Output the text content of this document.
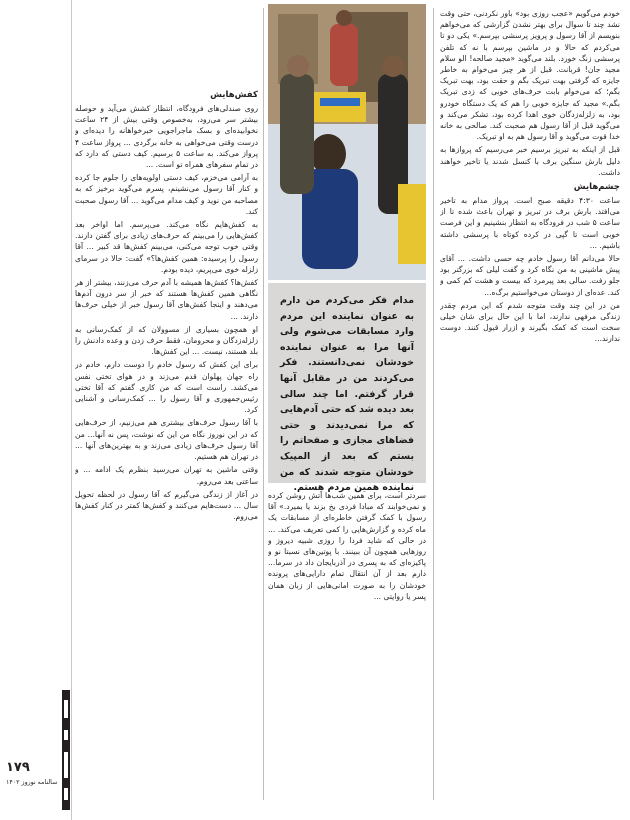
خودم می‌گویم «عجب روزی بود» باور نکردنی، حتی وقت نشد چند تا سوال برای بهتر نشدن گزارشی که می‌خواهم بنویسم از آقا رسول و پرویز پرسشی بپرسم.» یکی دو تا می‌کردم که حالا و در ماشین بپرسم با نه که تلفن پرسشی زنگ خورد. بلند می‌گوید «مجید صالحه! الو سلام مجید جان! قربانت. قبل از هر چیز می‌خوام به خاطر جایزه که گرفتی بهت تبریک بگم و حقت بود، بهت تبریک بگم؛ که می‌خوام بابت حرف‌های خوبی که زدی تبریک بگم.» مجید که جایزه خوبی را هم که یک دستگاه خودرو بود، به زلزله‌زدگان خوی اهدا کرده بود، تشکر می‌کند و می‌گوید قبل از آقا رسول هم صحبت کند. صالحی به خانه خدا قوت می‌گوید و آقا رسول هم به او تبریک.

قبل از اینکه به تبریز برسیم خبر می‌رسیم که پروازها به دلیل بارش سنگین برف با کنسل شدند یا تاخیر خواهند داشت.

چشم‌هایش

ساعت ۴:۳۰ دقیقه صبح است. پرواز مدام به تاخیر می‌افتد. بارش برف در تبریز و تهران باعث شده تا از ساعت ۵ شب در فرودگاه به انتظار بنشینیم و این فرصت خوبی است تا گپی در کرده کوتاه با پرسشی داشته باشیم. ...

حالا می‌دانم آقا رسول خادم چه حسی داشت. ... آقای پیش ماشینی به من نگاه کرد و گفت لیلی که بزرگتر بود جلو رفت. سالی بعد پیرمرد که بیست و هشت کم کمی و کند. عده‌ای از دوستان می‌خواستیم برگ‌ه...

من در این چند وقت متوجه شدم که این مردم چقدر زندگی مرفهی ندارند، اما با این حال برای شان خیلی سخت است که کمک بگیرند و ازرار قبول کنند. دوست ندارند...

مدام فکر می‌کردم من دارم به عنوان نماینده این مردم وارد مسابقات می‌شوم ولی آنها مرا به عنوان نماینده خودشان نمی‌دانستند. فکر می‌کردند من در مقابل آنها قرار گرفتم. اما چند سالی بعد دیده شد که حتی آدم‌هایی که مرا نمی‌دیدند و حتی فضاهای مجازی و صفحاتم را بستم که بعد از المپیک خودشان متوجه شدند که من نماینده همین مردم هستم.

سردتر است، برای همین شب‌ها آتش روشن کرده و نمی‌خوابند که مبادا فردی بخ بزند یا بمیرد.» آقا رسول با کمک گرفتن خاطره‌ای از مسابقات یک ماه کرده و گزارش‌هایی را کمی تعریف می‌کند. ... در حالی که شاید فردا را روزی شبیه دیروز و روزهایی همچون آن ببینند. با پوتین‌های نسبتا نو و پاکیزه‌ای که به پسری در آذربایجان داد در سرما... دارم بعد از آن انتقال تمام دارایی‌های پرونده خودشان را به صورت امانی‌هایی از زبان همان پسر یا روایتی ...

کفش‌هایش

روی صندلی‌های فرودگاه، انتظار کشش می‌آید و حوصله بیشتر سر می‌رود، به‌خصوص وقتی بیش از ۲۴ ساعت نخوابیده‌ای و بسک ماجراجویی خبرخواهانه را دیده‌ای و درست وقتی می‌خواهی به خانه برگردی ... پرواز ساعت ۴ پرواز می‌کند. به ساعت ۵ برسیم. کیف دستی که دارد که در تمام سفرهای همراه تو است. ...

به آرامی می‌خزم، کیف دستی اولویه‌های را جلوم جا کرده و کنار آقا رسول می‌نشینم، پسرم می‌گوید برخیز که به مصاحبه من نوید و کیف مدام می‌گوید ... آقا رسول صحبت کند.

به کفش‌هایم نگاه می‌کند. می‌پرسم. اما اواخر بعد کفش‌هایی را می‌بینم که حرف‌های زیادی برای گفتن دارند. وقتی خوب توجه می‌کنی، می‌بینم کفش‌ها قد کبیر ... آقا رسول را پرسیده: همین کفش‌ها؟» گفت: حالا در سرمای زلزله خوی می‌پریم، دیده بودم.

کفش‌ها؟ کفش‌ها همیشه با آدم حرف می‌زنند، بیشتر از هر نگاهی همین کفش‌ها هستند که خبر از سر درون آدم‌ها می‌دهند و اینجا کفش‌های آقا رسول خبر از خیلی حرف‌ها دارند. ...

او همچون بسیاری از مسوولان که از کمک‌رسانی به زلزله‌زدگان و محرومان، فقط حرف زدن و وعده دادنش را بلد هستند، نیست. ... این کفش‌ها.

برای این کفش که رسول خادم را دوست دارم، خادم در راه جهان پهلوان قدم می‌زند و در هوای تختی نفس می‌کشد. راست است که من کاری گفتم که آقا تختی رئیس‌جمهوری و آقا رسول را ... کمک‌رسانی و آشنایی کرد.

با آقا رسول حرف‌های بیشتری هم می‌زنیم، از حرف‌هایی که در این نوروز نگاه من این که نوشت، پس نه آنها... من آقا رسول حرف‌های زیادی می‌زند و به بهترین‌های آنها ... در تهران هم هستیم.

وقتی ماشین به تهران می‌رسید بنظرم یک ادامه ... و ساعتی بعد می‌روم.

در آغاز از زندگی می‌گیرم که آقا رسول در لحظه تحویل سال ... دست‌هایم می‌کنند و کفش‌ها کمتر در کنار کفش‌ها می‌روم.

۱۷۹
سالنامه نوروز ۱۴۰۲
